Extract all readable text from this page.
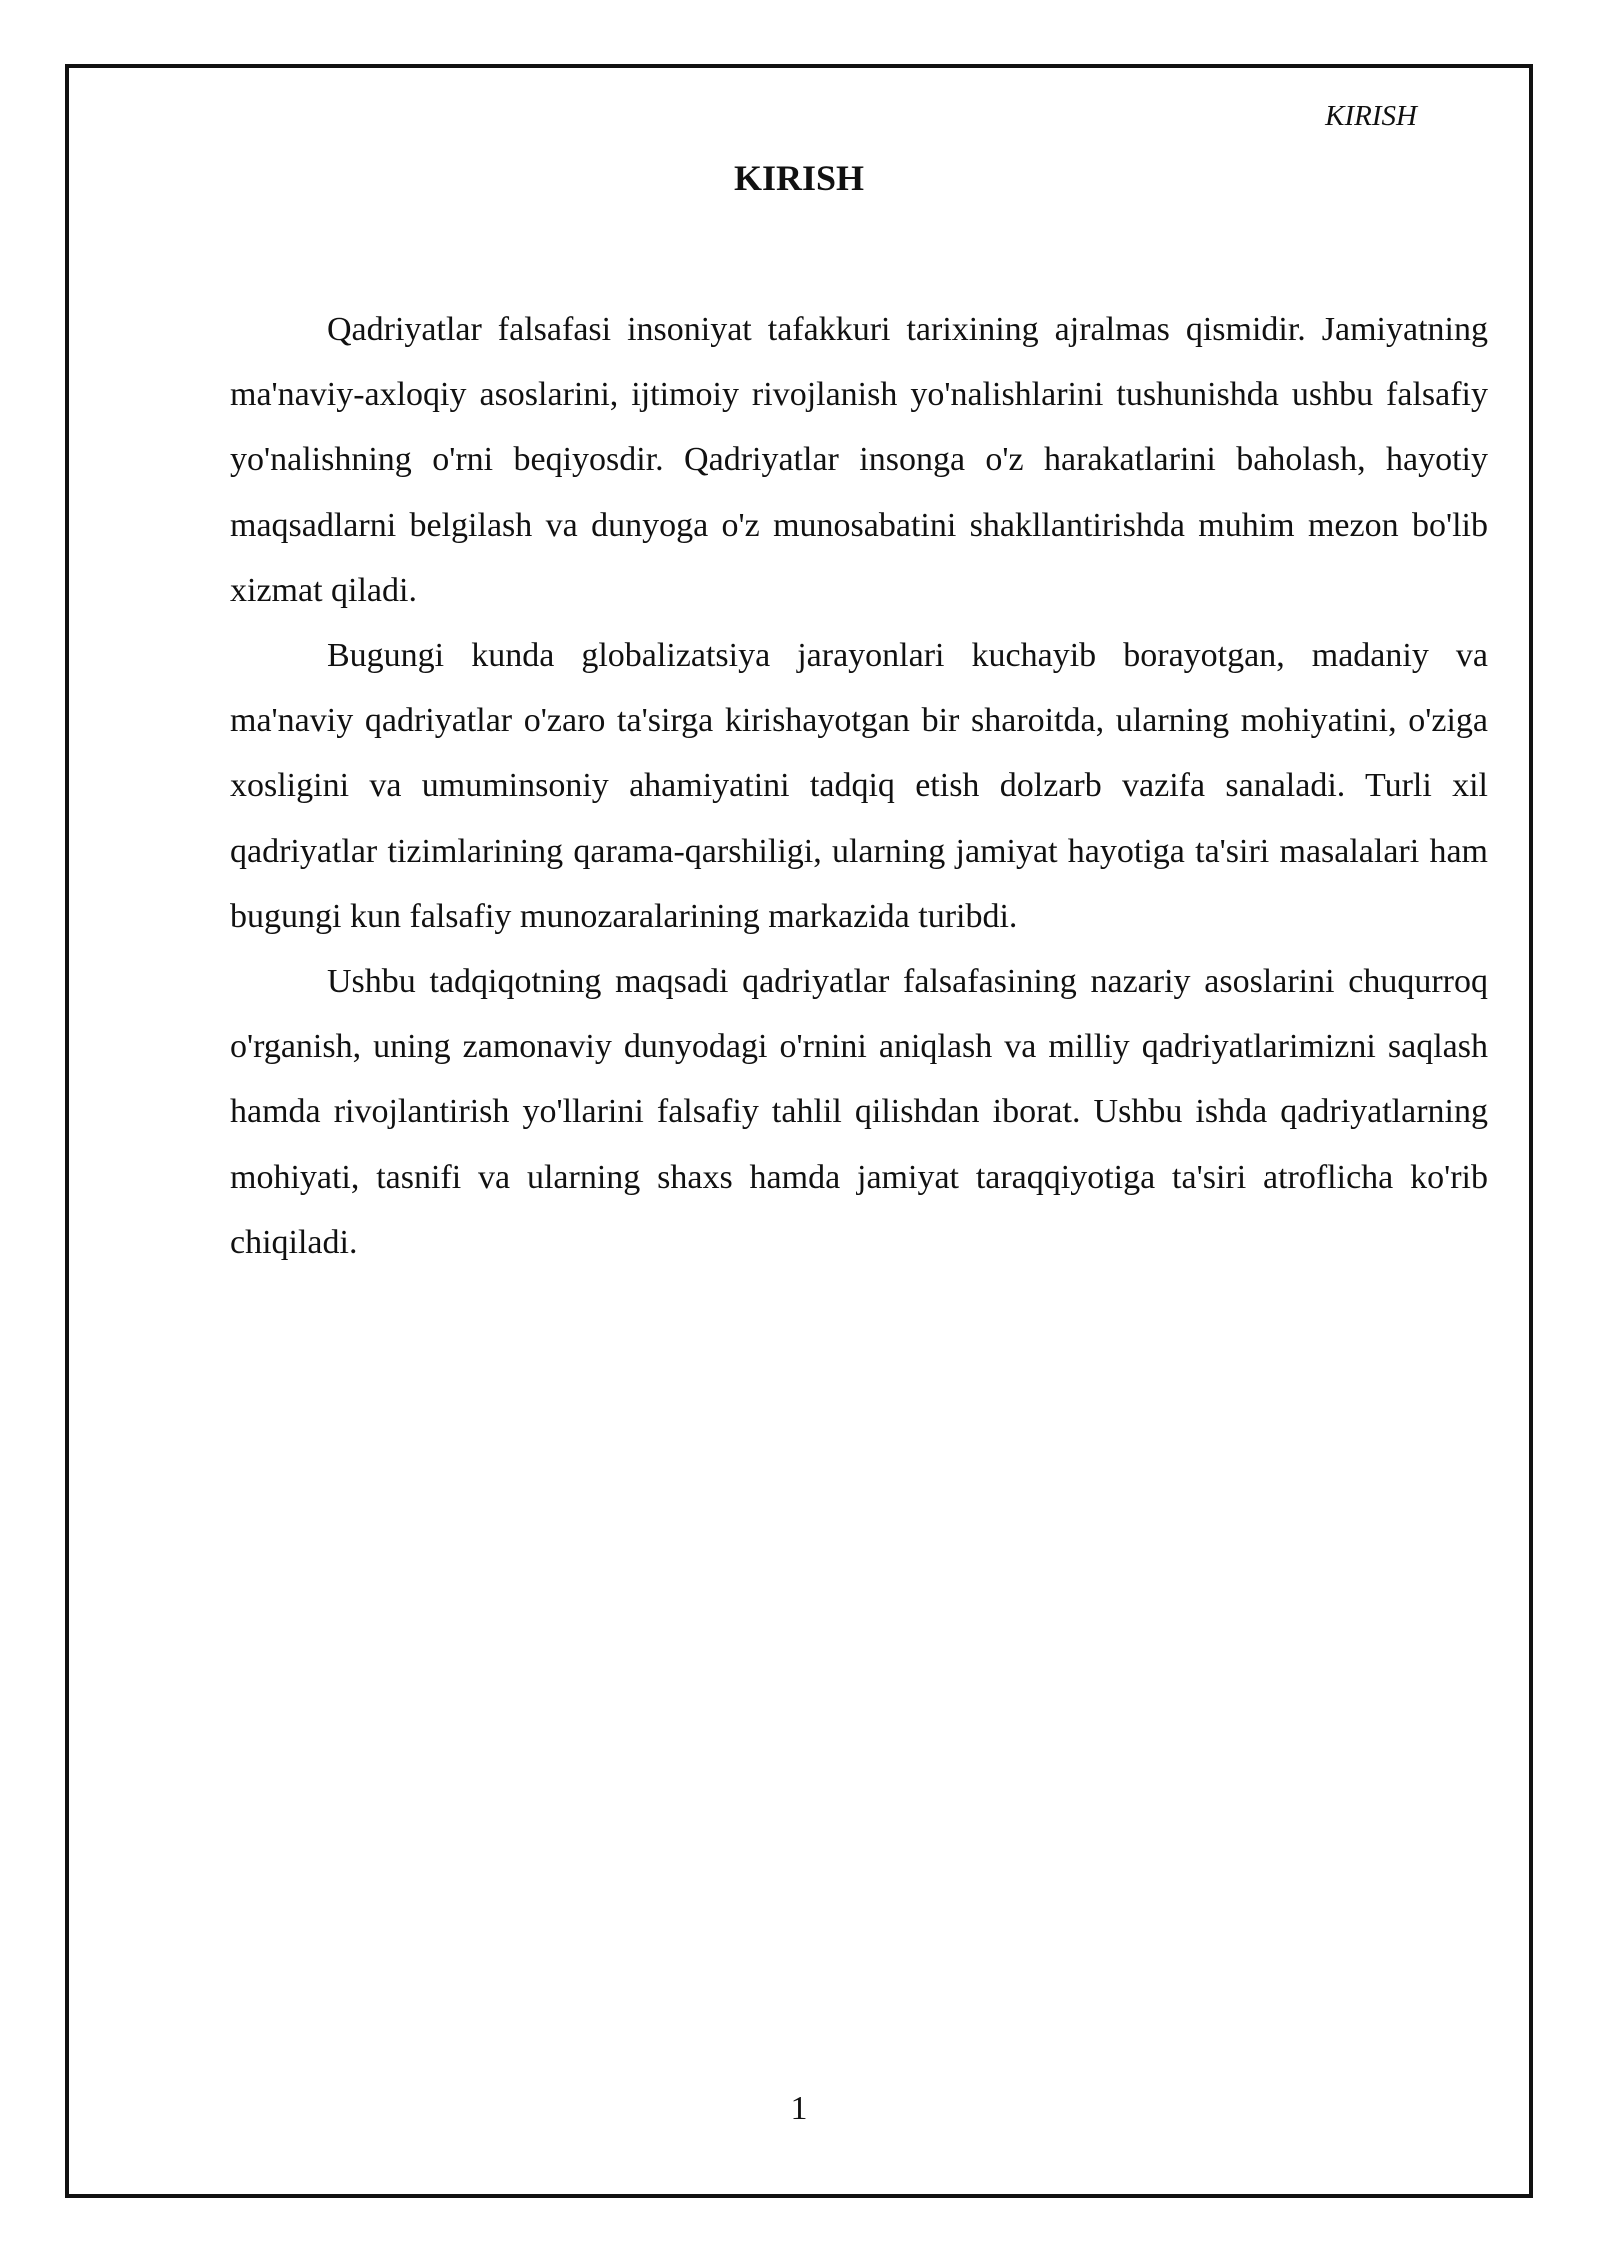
KIRISH
KIRISH

Qadriyatlar falsafasi insoniyat tafakkuri tarixining ajralmas qismidir. Jamiyatning ma'naviy-axloqiy asoslarini, ijtimoiy rivojlanish yo'nalishlarini tushunishda ushbu falsafiy yo'nalishning o'rni beqiyosdir. Qadriyatlar insonga o'z harakatlarini baholash, hayotiy maqsadlarni belgilash va dunyoga o'z munosabatini shakllantirishda muhim mezon bo'lib xizmat qiladi.

Bugungi kunda globalizatsiya jarayonlari kuchayib borayotgan, madaniy va ma'naviy qadriyatlar o'zaro ta'sirga kirishayotgan bir sharoitda, ularning mohiyatini, o'ziga xosligini va umuminsoniy ahamiyatini tadqiq etish dolzarb vazifa sanaladi. Turli xil qadriyatlar tizimlarining qarama-qarshiligi, ularning jamiyat hayotiga ta'siri masalalari ham bugungi kun falsafiy munozaralarining markazida turibdi.

Ushbu tadqiqotning maqsadi qadriyatlar falsafasining nazariy asoslarini chuqurroq o'rganish, uning zamonaviy dunyodagi o'rnini aniqlash va milliy qadriyatlarimizni saqlash hamda rivojlantirish yo'llarini falsafiy tahlil qilishdan iborat. Ushbu ishda qadriyatlarning mohiyati, tasnifi va ularning shaxs hamda jamiyat taraqqiyotiga ta'siri atroflicha ko'rib chiqiladi.

1
